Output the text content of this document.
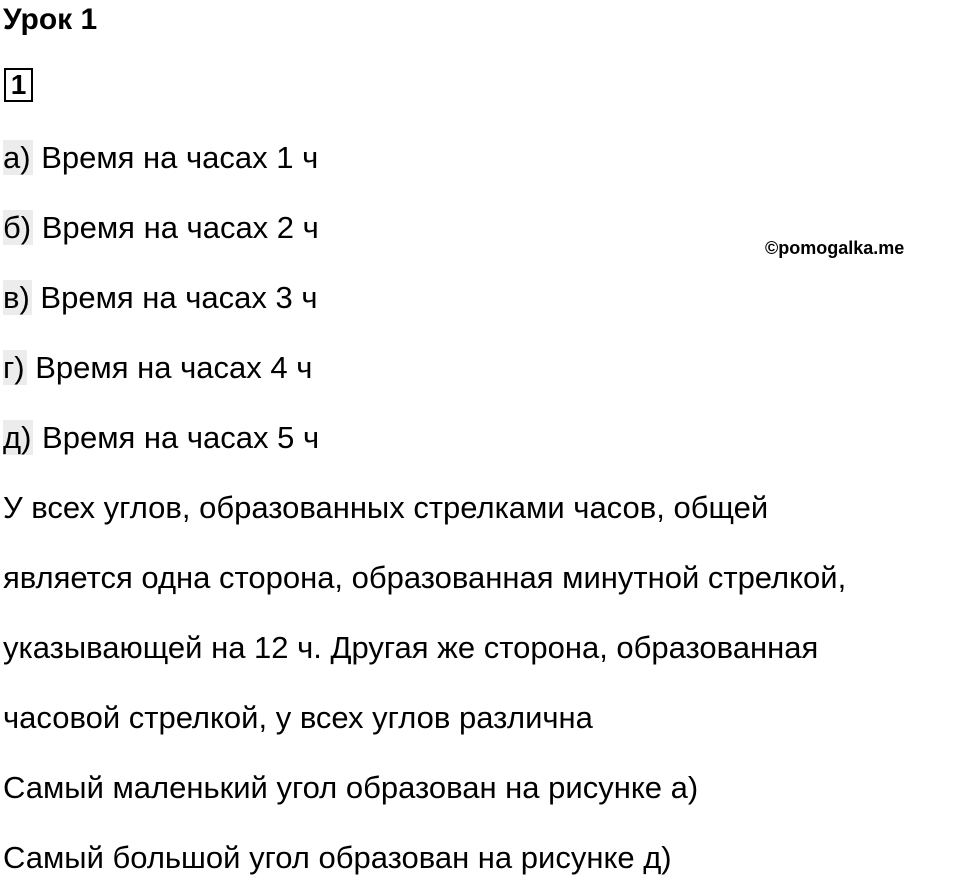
Урок 1
1
©pomogalka.me
а) Время на часах 1 ч
б) Время на часах 2 ч
в) Время на часах 3 ч
г) Время на часах 4 ч
д) Время на часах 5 ч
У всех углов, образованных стрелками часов, общей
является одна сторона, образованная минутной стрелкой,
указывающей на 12 ч. Другая же сторона, образованная
часовой стрелкой, у всех углов различна
Самый маленький угол образован на рисунке а)
Самый большой угол образован на рисунке д)
